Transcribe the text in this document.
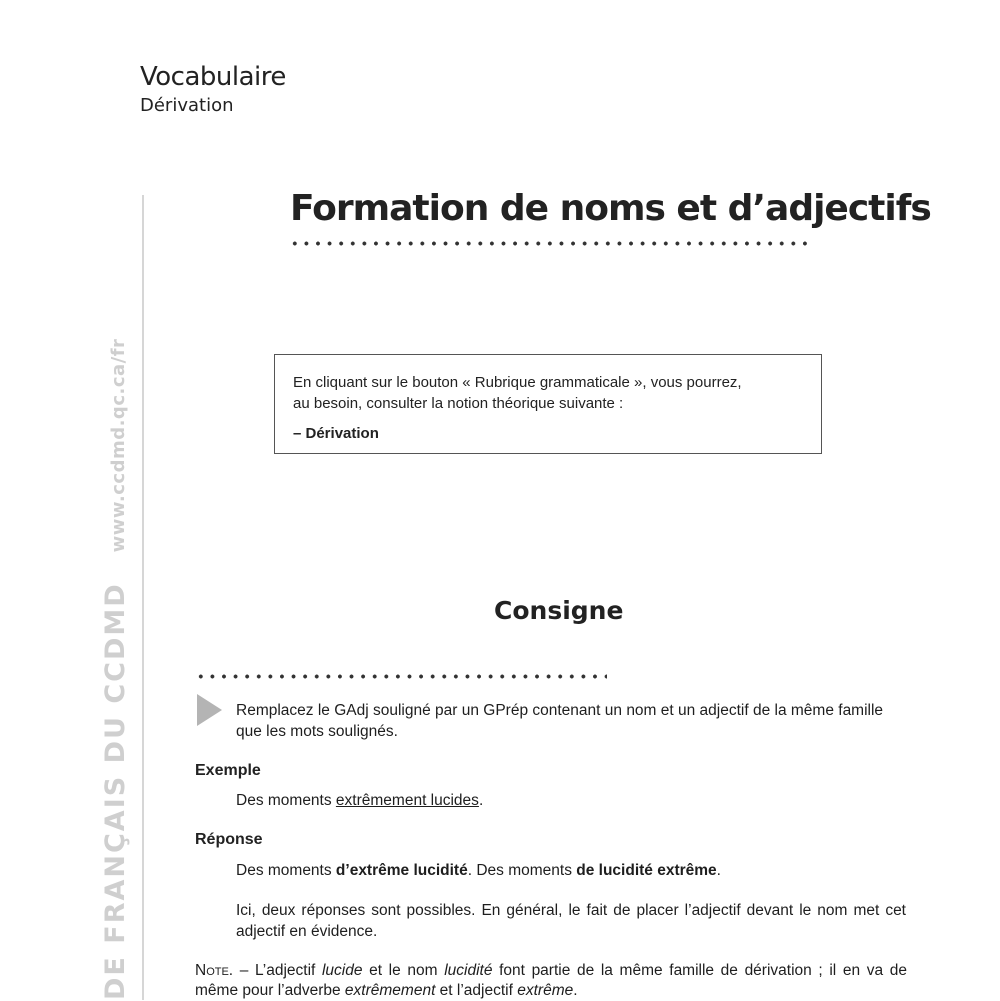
Vocabulaire
Dérivation
DE FRANÇAIS DU CCDMDwww.ccdmd.qc.ca/fr
Formation de noms et d’adjectifs
En cliquant sur le bouton « Rubrique grammaticale », vous pourrez,
au besoin, consulter la notion théorique suivante :
– Dérivation
Consigne

Remplacez le GAdj souligné par un GPrép contenant un nom et un adjectif de la même famille que les mots soulignés.

Exemple

Des moments extrêmement lucides.

Réponse

Des moments d’extrême lucidité. Des moments de lucidité extrême.

Ici, deux réponses sont possibles. En général, le fait de placer l’adjectif devant le nom met cet adjectif en évidence.

Note. – L’adjectif lucide et le nom lucidité font partie de la même famille de dérivation ; il en va de même pour l’adverbe extrêmement et l’adjectif extrême.
